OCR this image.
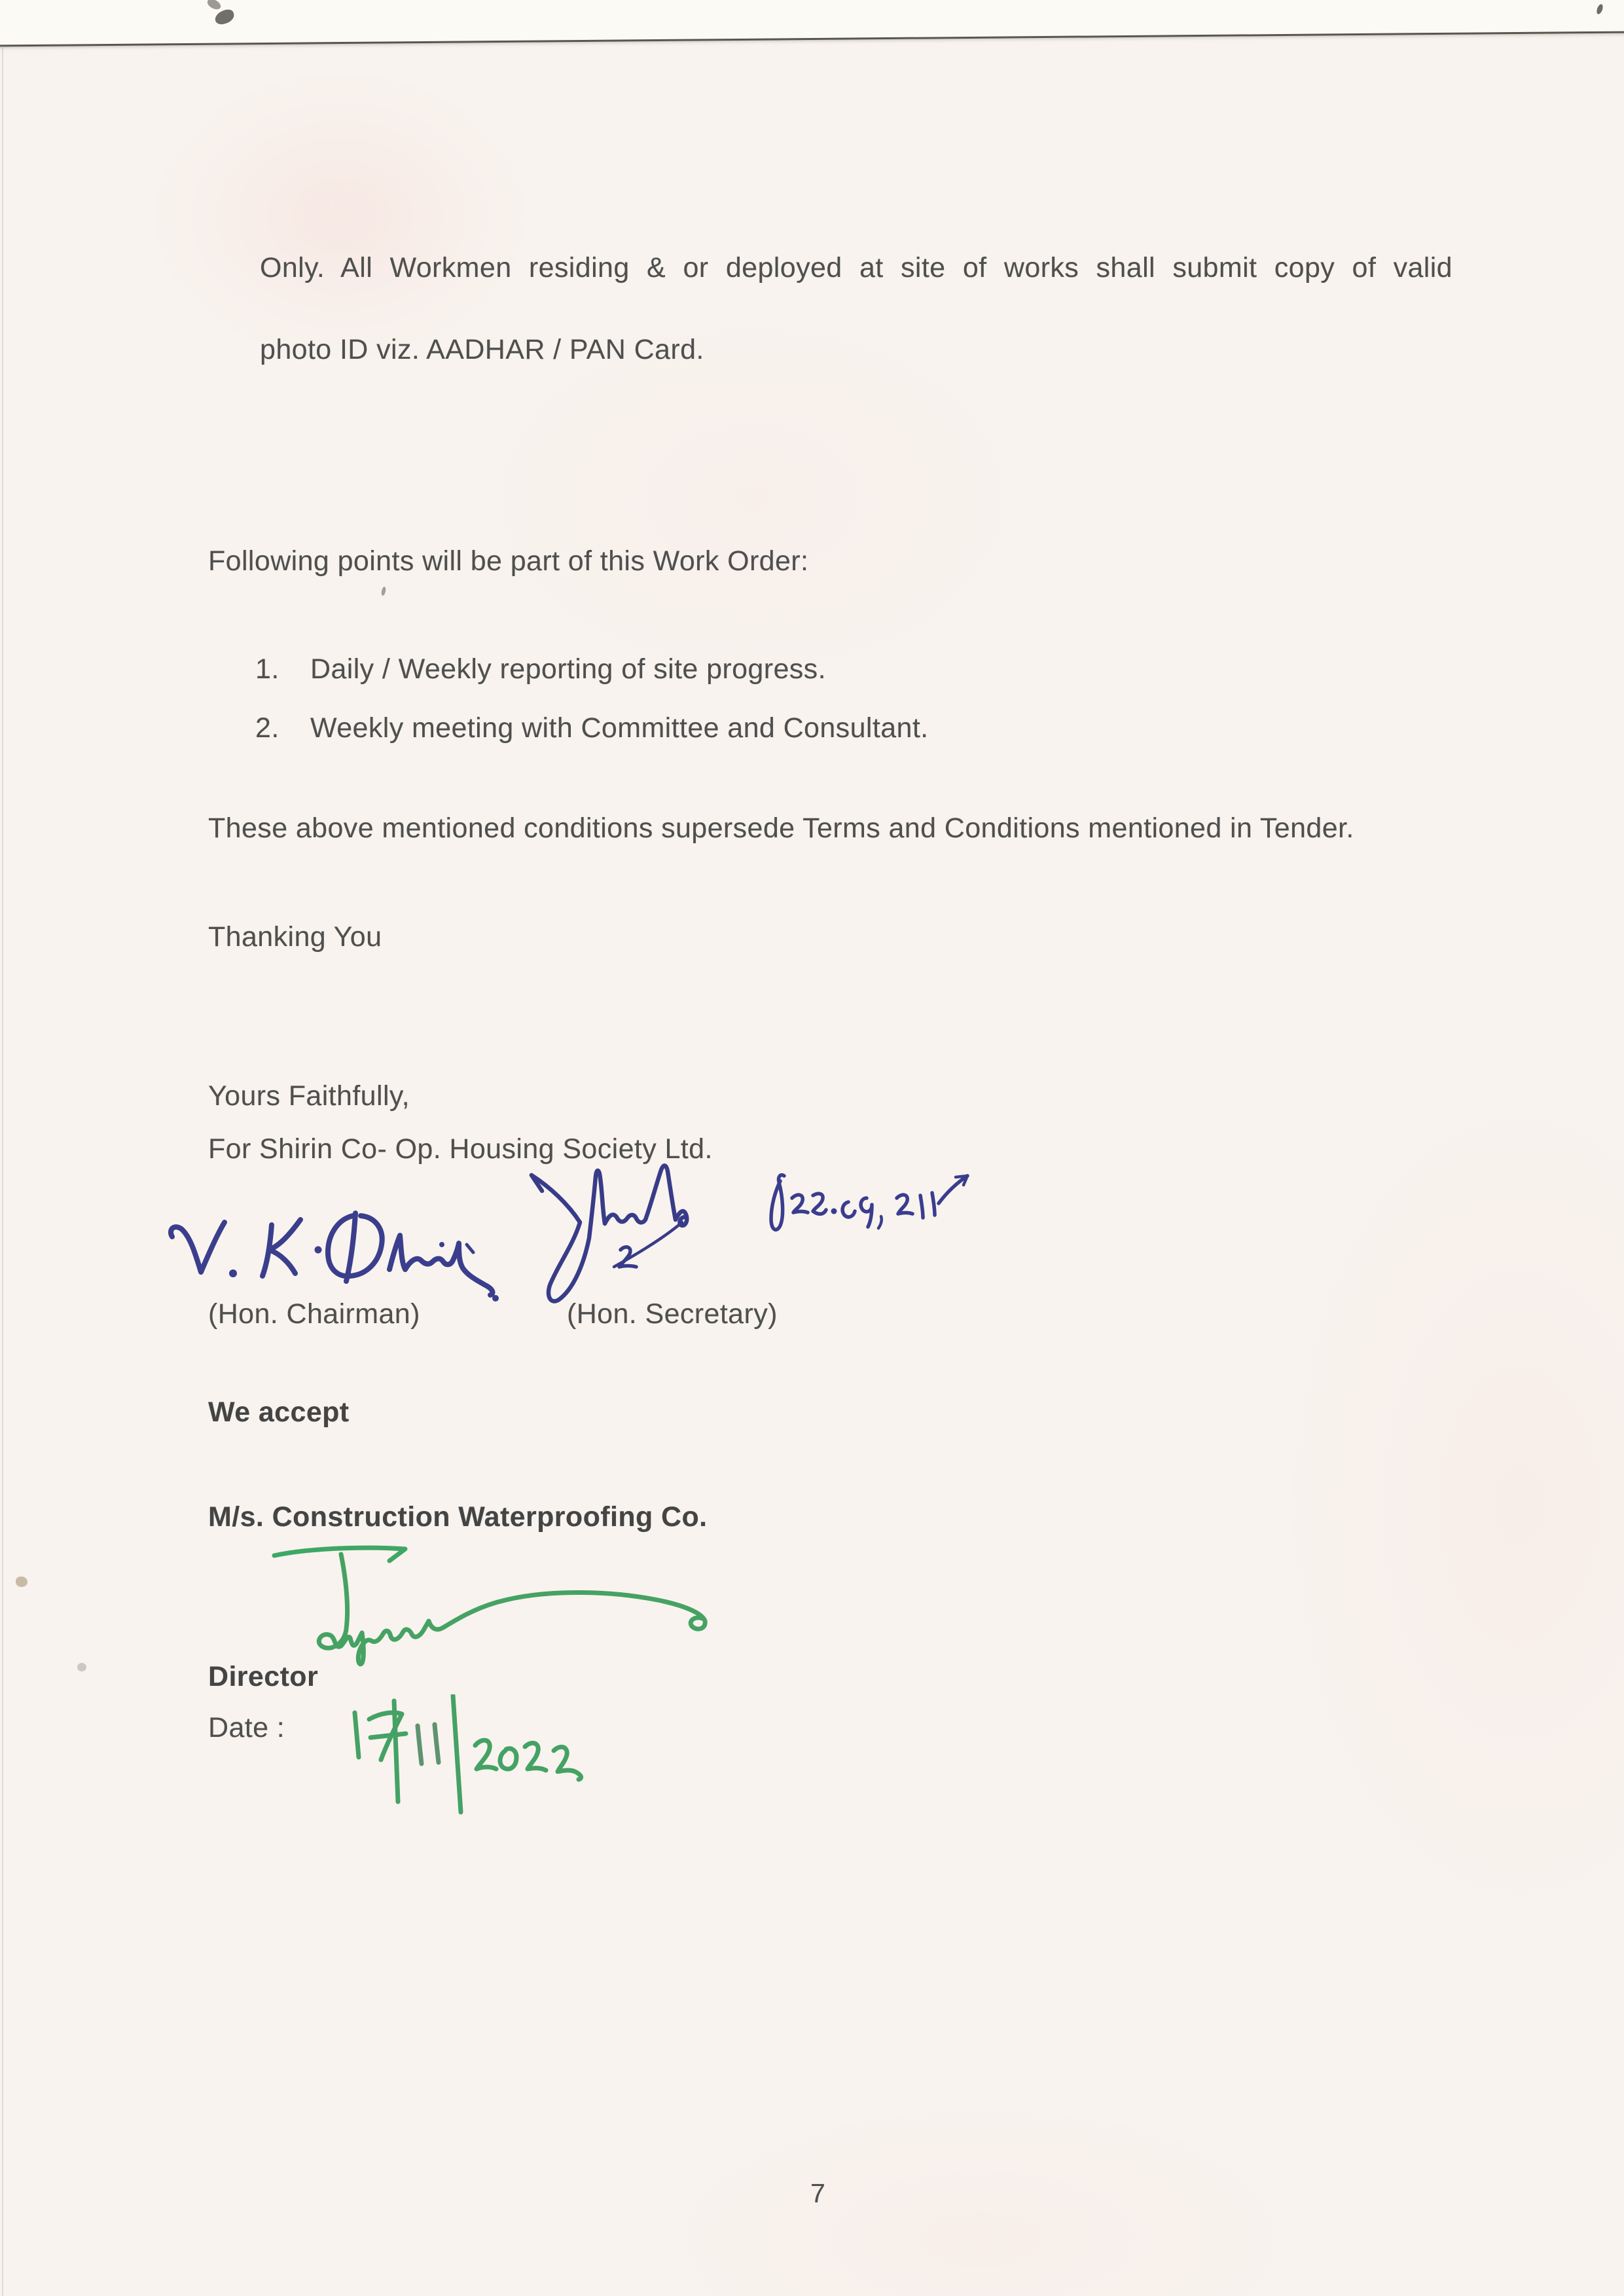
Only. All Workmen residing & or deployed at site of works shall submit copy of valid
photo ID viz. AADHAR / PAN Card.
Following points will be part of this Work Order:
1. Daily / Weekly reporting of site progress.
2. Weekly meeting with Committee and Consultant.
These above mentioned conditions supersede Terms and Conditions mentioned in Tender.
Thanking You
Yours Faithfully,
For Shirin Co- Op. Housing Society Ltd.
(Hon. Chairman)	(Hon. Secretary)
We accept
M/s. Construction Waterproofing Co.
Director
Date :
7
